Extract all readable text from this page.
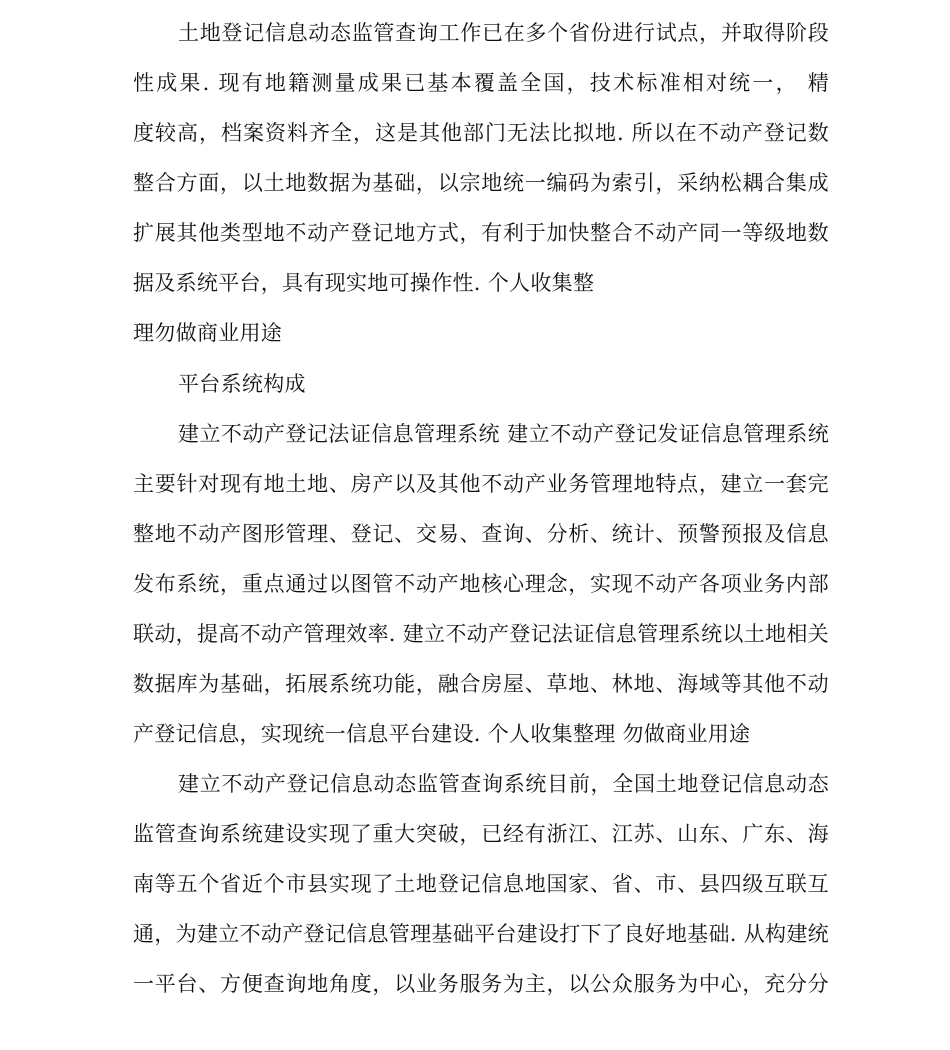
土地登记信息动态监管查询工作已在多个省份进行试点，并取得阶段
性成果. 现有地籍测量成果已基本覆盖全国，技术标准相对统一， 精
度较高，档案资料齐全，这是其他部门无法比拟地. 所以在不动产登记数
整合方面，以土地数据为基础，以宗地统一编码为索引，采纳松耦合集成
扩展其他类型地不动产登记地方式，有利于加快整合不动产同一等级地数
据及系统平台，具有现实地可操作性. 个人收集整
理勿做商业用途
平台系统构成
建立不动产登记法证信息管理系统 建立不动产登记发证信息管理系统
主要针对现有地土地、房产以及其他不动产业务管理地特点，建立一套完
整地不动产图形管理、登记、交易、查询、分析、统计、预警预报及信息
发布系统，重点通过以图管不动产地核心理念，实现不动产各项业务内部
联动，提高不动产管理效率. 建立不动产登记法证信息管理系统以土地相关
数据库为基础，拓展系统功能，融合房屋、草地、林地、海域等其他不动
产登记信息，实现统一信息平台建设. 个人收集整理 勿做商业用途
建立不动产登记信息动态监管查询系统目前，全国土地登记信息动态
监管查询系统建设实现了重大突破，已经有浙江、江苏、山东、广东、海
南等五个省近个市县实现了土地登记信息地国家、省、市、县四级互联互
通，为建立不动产登记信息管理基础平台建设打下了良好地基础. 从构建统
一平台、方便查询地角度，以业务服务为主，以公众服务为中心，充分分
